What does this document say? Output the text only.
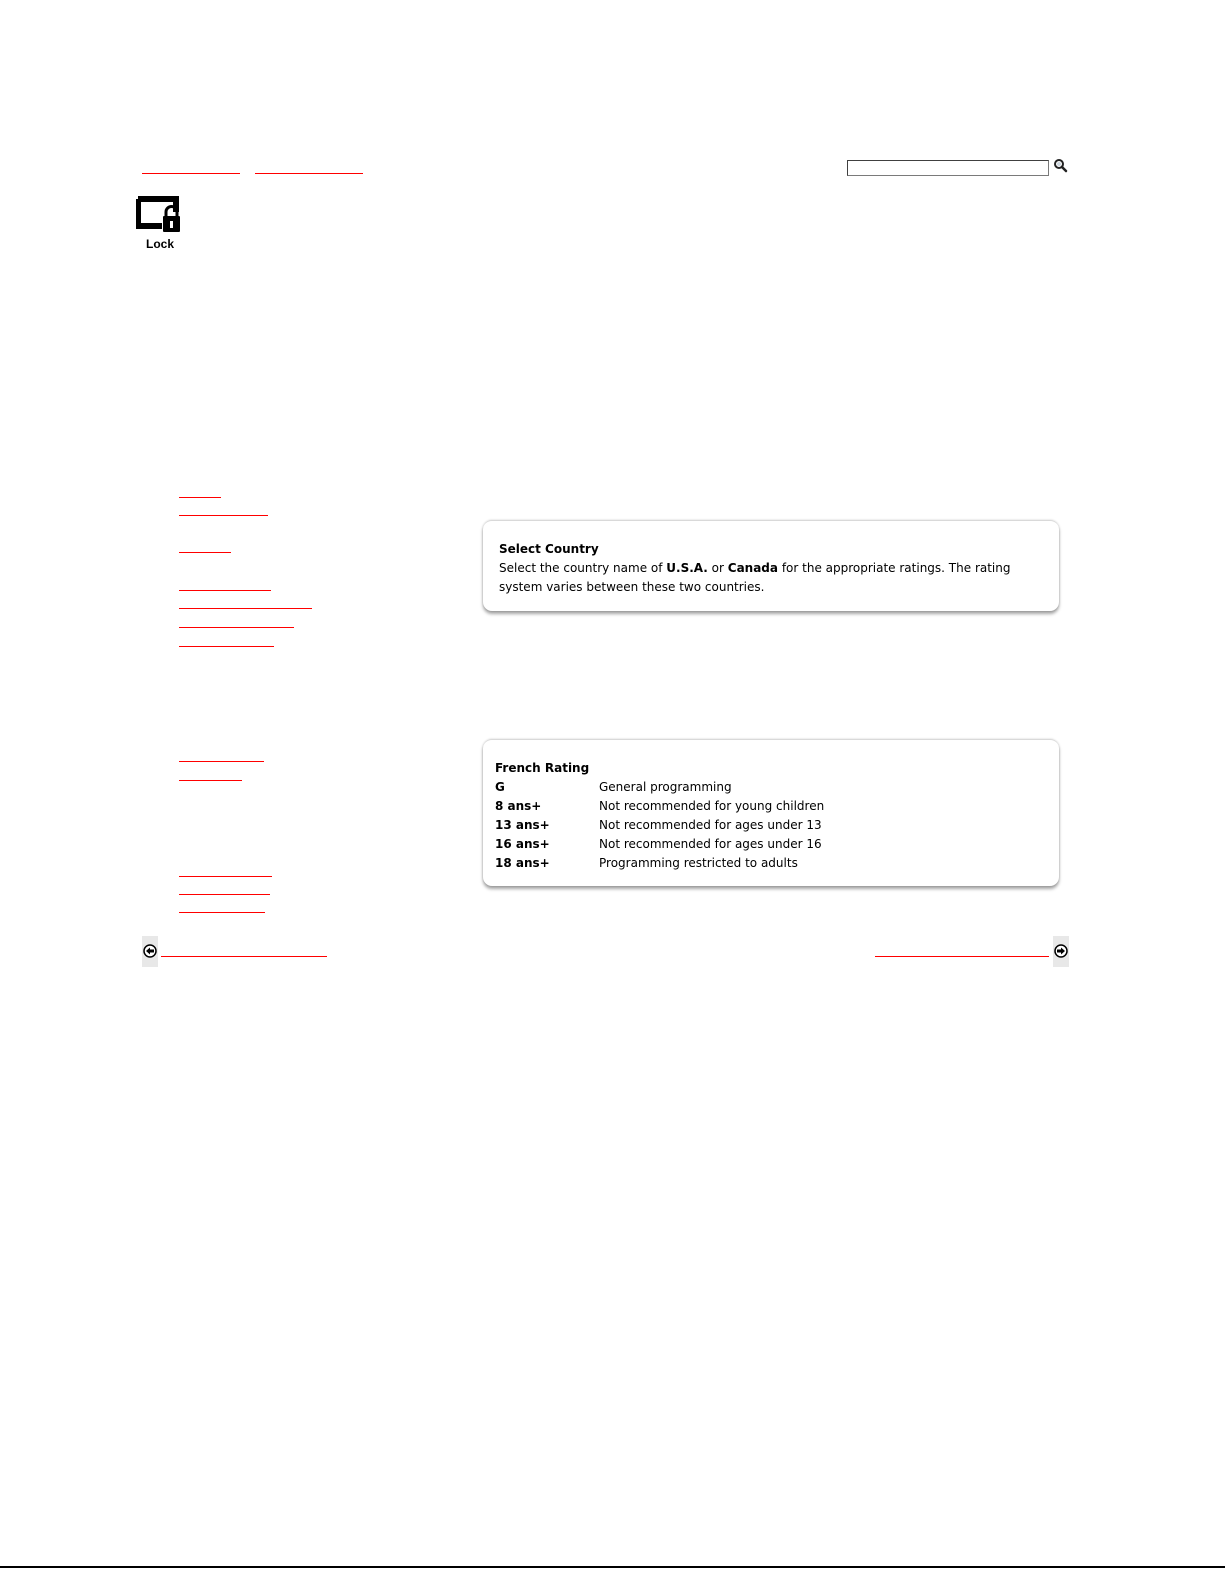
Lock
Select Country
Select the country name of U.S.A. or Canada for the appropriate ratings. The rating system varies between these two countries.
French Rating
G	General programming
8 ans+	Not recommended for young children
13 ans+	Not recommended for ages under 13
16 ans+	Not recommended for ages under 16
18 ans+	Programming restricted to adults
